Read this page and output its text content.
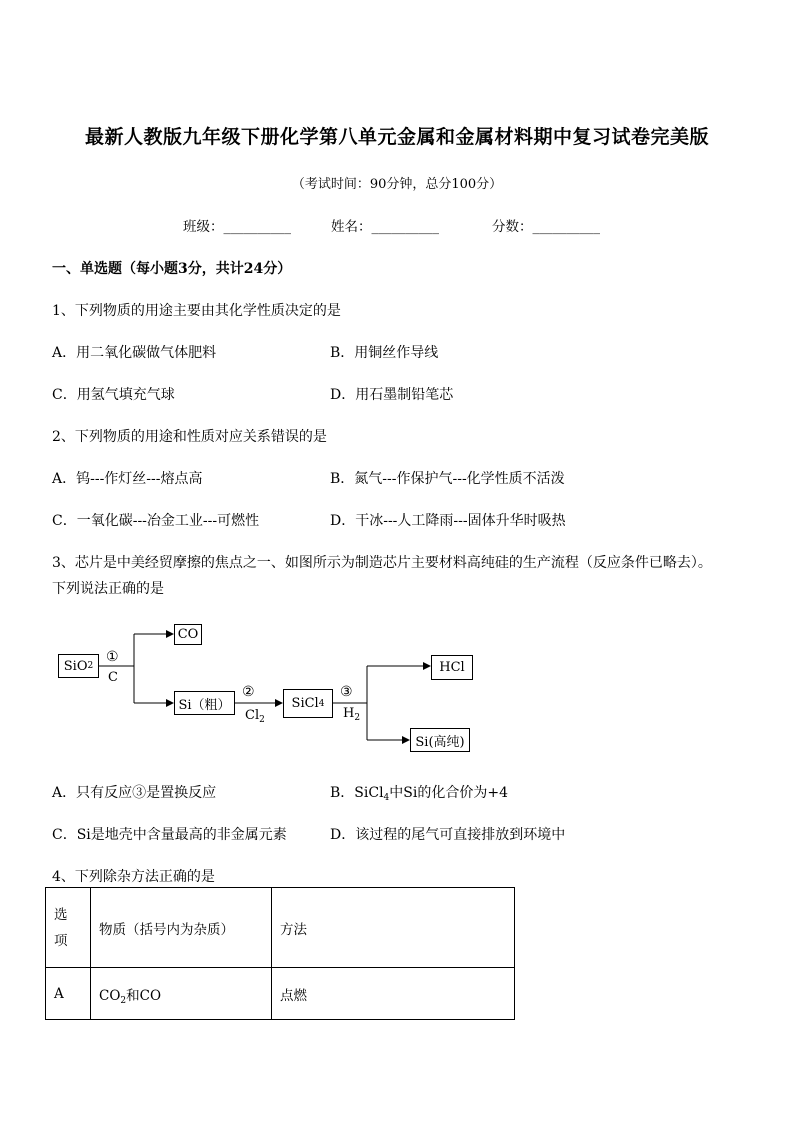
最新人教版九年级下册化学第八单元金属和金属材料期中复习试卷完美版
（考试时间：90分钟，总分100分）
班级：__________	姓名：__________	分数：__________
一、单选题（每小题3分，共计24分）
1、下列物质的用途主要由其化学性质决定的是
A．用二氧化碳做气体肥料	B．用铜丝作导线
C．用氢气填充气球	D．用石墨制铅笔芯
2、下列物质的用途和性质对应关系错误的是
A．钨---作灯丝---熔点高	B．氮气---作保护气---化学性质不活泼
C．一氧化碳---冶金工业---可燃性	D．干冰---人工降雨---固体升华时吸热
3、芯片是中美经贸摩擦的焦点之一、如图所示为制造芯片主要材料高纯硅的生产流程（反应条件已略去）。
下列说法正确的是
SiO 2
CO
Si（粗）	SiCl 4
HCl
Si(高纯)
①
C
②
$Cl_2$
③
$H_2$
A．只有反应③是置换反应	B．SiCl$_4$中Si的化合价为+4
C．Si是地壳中含量最高的非金属元素	D．该过程的尾气可直接排放到环境中
4、下列除杂方法正确的是
选
项	物质（括号内为杂质）	方法
A	$CO_2$和CO	点燃
